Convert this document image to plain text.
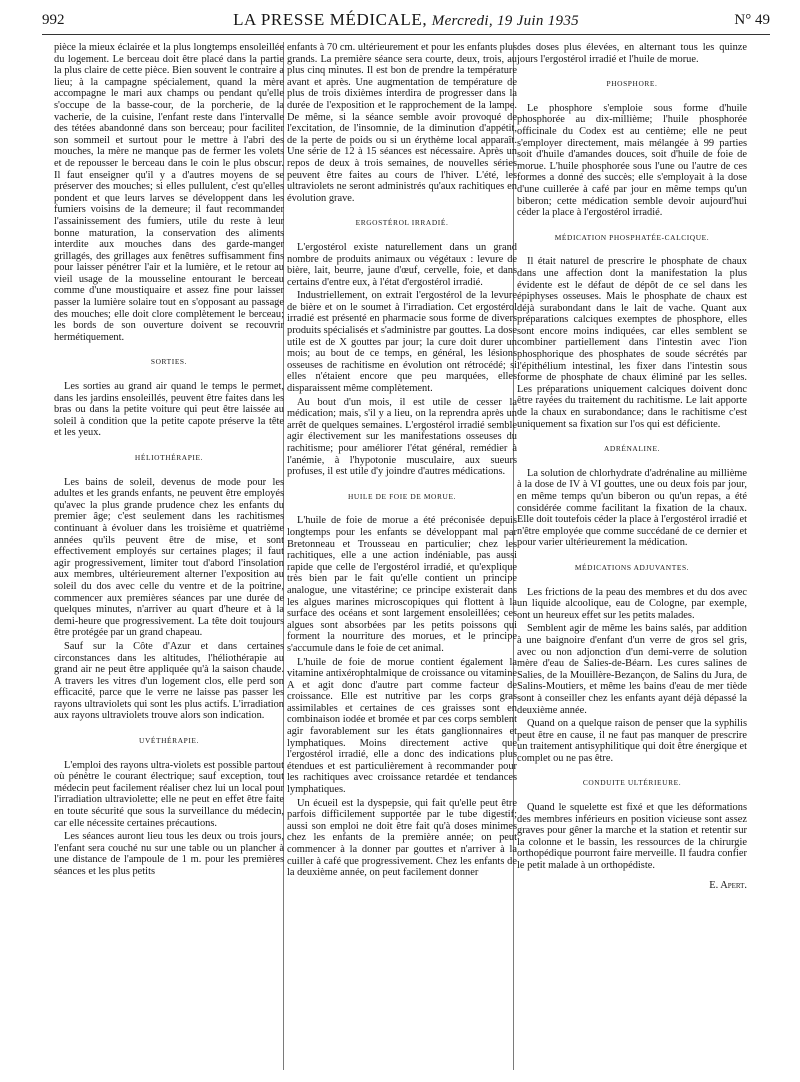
992	LA PRESSE MÉDICALE, Mercredi, 19 Juin 1935	N° 49

pièce la mieux éclairée et la plus longtemps ensoleillée du logement. Le berceau doit être placé dans la partie la plus claire de cette pièce. Bien souvent le contraire a lieu; à la campagne spécialement, quand la mère accompagne le mari aux champs ou pendant qu'elle s'occupe de la basse-cour, de la porcherie, de la vacherie, de la cuisine, l'enfant reste dans l'intervalle des tétées abandonné dans son berceau; pour faciliter son sommeil et surtout pour le mettre à l'abri des mouches, la mère ne manque pas de fermer les volets et de repousser le berceau dans le coin le plus obscur. Il faut enseigner qu'il y a d'autres moyens de se préserver des mouches; si elles pullulent, c'est qu'elles pondent et que leurs larves se développent dans les fumiers voisins de la demeure; il faut recommander l'assainissement des fumiers, utile du reste à leur bonne maturation, la conservation des aliments interdite aux mouches dans des garde-manger grillagés, des grillages aux fenêtres suffisamment fins pour laisser pénétrer l'air et la lumière, et le retour au vieil usage de la mousseline entourant le berceau comme d'une moustiquaire et assez fine pour laisser passer la lumière solaire tout en s'opposant au passage des mouches; elle doit clore complètement le berceau; les bords de son ouverture doivent se recouvrir hermétiquement.

SORTIES.

Les sorties au grand air quand le temps le permet, dans les jardins ensoleillés, peuvent être faites dans les bras ou dans la petite voiture qui peut être laissée au soleil à condition que la petite capote préserve la tête et les yeux.

HÉLIOTHÉRAPIE.

Les bains de soleil, devenus de mode pour les adultes et les grands enfants, ne peuvent être employés qu'avec la plus grande prudence chez les enfants du premier âge; c'est seulement dans les rachitismes continuant à évoluer dans les troisième et quatrième années qu'ils peuvent être de mise, et sont effectivement employés sur certaines plages; il faut agir progressivement, limiter tout d'abord l'insolation aux membres, ultérieurement alterner l'exposition au soleil du dos avec celle du ventre et de la poitrine, commencer aux premières séances par une durée de quelques minutes, n'arriver au quart d'heure et à la demi-heure que progressivement. La tête doit toujours être protégée par un grand chapeau.

Sauf sur la Côte d'Azur et dans certaines circonstances dans les altitudes, l'héliothérapie au grand air ne peut être appliquée qu'à la saison chaude. A travers les vitres d'un logement clos, elle perd son efficacité, parce que le verre ne laisse pas passer les rayons ultraviolets qui sont les plus actifs. L'irradiation aux rayons ultraviolets trouve alors son indication.

UVÉTHÉRAPIE.

L'emploi des rayons ultra-violets est possible partout où pénètre le courant électrique; sauf exception, tout médecin peut facilement réaliser chez lui un local pour l'irradiation ultraviolette; elle ne peut en effet être faite en toute sécurité que sous la surveillance du médecin, car elle nécessite certaines précautions.

Les séances auront lieu tous les deux ou trois jours, l'enfant sera couché nu sur une table ou un plancher à une distance de l'ampoule de 1 m. pour les premières séances et les plus petits

enfants à 70 cm. ultérieurement et pour les enfants plus grands. La première séance sera courte, deux, trois, au plus cinq minutes. Il est bon de prendre la température avant et après. Une augmentation de température de plus de trois dixièmes interdira de progresser dans la durée de l'exposition et le rapprochement de la lampe. De même, si la séance semble avoir provoqué de l'excitation, de l'insomnie, de la diminution d'appétit, de la perte de poids ou si un érythème local apparaît. Une série de 12 à 15 séances est nécessaire. Après un repos de deux à trois semaines, de nouvelles séries peuvent être faites au cours de l'hiver. L'été, les ultraviolets ne seront administrés qu'aux rachitiques en évolution grave.

ERGOSTÉROL IRRADIÉ.

L'ergostérol existe naturellement dans un grand nombre de produits animaux ou végétaux : levure de bière, lait, beurre, jaune d'œuf, cervelle, foie, et dans certains d'entre eux, à l'état d'ergostérol irradié.

Industriellement, on extrait l'ergostérol de la levure de bière et on le soumet à l'irradiation. Cet ergostérol irradié est présenté en pharmacie sous forme de divers produits spécialisés et s'administre par gouttes. La dose utile est de X gouttes par jour; la cure doit durer un mois; au bout de ce temps, en général, les lésions osseuses de rachitisme en évolution ont rétrocédé; si elles n'étaient encore que peu marquées, elles disparaissent même complètement.

Au bout d'un mois, il est utile de cesser la médication; mais, s'il y a lieu, on la reprendra après un arrêt de quelques semaines. L'ergostérol irradié semble agir électivement sur les manifestations osseuses du rachitisme; pour améliorer l'état général, remédier à l'anémie, à l'hypotonie musculaire, aux sueurs profuses, il est utile d'y joindre d'autres médications.

HUILE DE FOIE DE MORUE.

L'huile de foie de morue a été préconisée depuis longtemps pour les enfants se développant mal par Bretonneau et Trousseau en particulier; chez les rachitiques, elle a une action indéniable, pas aussi rapide que celle de l'ergostérol irradié, et qu'explique très bien par le fait qu'elle contient un principe analogue, une vitastérine; ce principe existerait dans les algues marines microscopiques qui flottent à la surface des océans et sont largement ensoleillées; ces algues sont absorbées par les petits poissons qui forment la nourriture des morues, et le principe s'accumule dans le foie de cet animal.

L'huile de foie de morue contient également la vitamine antixérophtalmique de croissance ou vitamine A et agit donc d'autre part comme facteur de croissance. Elle est nutritive par les corps gras assimilables et certaines de ces graisses sont en combinaison iodée et bromée et par ces corps semblent agir favorablement sur les états ganglionnaires et lymphatiques. Moins directement active que l'ergostérol irradié, elle a donc des indications plus étendues et est particulièrement à recommander pour les rachitiques avec croissance retardée et tendances lymphatiques.

Un écueil est la dyspepsie, qui fait qu'elle peut être parfois difficilement supportée par le tube digestif; aussi son emploi ne doit être fait qu'à doses minimes chez les enfants de la première année; on peut commencer à la donner par gouttes et n'arriver à la cuiller à café que progressivement. Chez les enfants de la deuxième année, on peut facilement donner

des doses plus élevées, en alternant tous les quinze jours l'ergostérol irradié et l'huile de morue.

PHOSPHORE.

Le phosphore s'emploie sous forme d'huile phosphorée au dix-millième; l'huile phosphorée officinale du Codex est au centième; elle ne peut s'employer directement, mais mélangée à 99 parties soit d'huile d'amandes douces, soit d'huile de foie de morue. L'huile phosphorée sous l'une ou l'autre de ces formes a donné des succès; elle s'employait à la dose d'une cuillerée à café par jour en même temps qu'un biberon; cette médication semble devoir aujourd'hui céder la place à l'ergostérol irradié.

MÉDICATION PHOSPHATÉE-CALCIQUE.

Il était naturel de prescrire le phosphate de chaux dans une affection dont la manifestation la plus évidente est le défaut de dépôt de ce sel dans les épiphyses osseuses. Mais le phosphate de chaux est déjà surabondant dans le lait de vache. Quant aux préparations calciques exemptes de phosphore, elles sont encore moins indiquées, car elles semblent se combiner partiellement dans l'intestin avec l'ion phosphorique des phosphates de soude sécrétés par l'épithélium intestinal, les fixer dans l'intestin sous forme de phosphate de chaux éliminé par les selles. Les préparations uniquement calciques doivent donc être rayées du traitement du rachitisme. Le lait apporte de la chaux en surabondance; dans le rachitisme c'est uniquement sa fixation sur l'os qui est déficiente.

ADRÉNALINE.

La solution de chlorhydrate d'adrénaline au millième à la dose de IV à VI gouttes, une ou deux fois par jour, en même temps qu'un biberon ou qu'un repas, a été considérée comme facilitant la fixation de la chaux. Elle doit toutefois céder la place à l'ergostérol irradié et n'être employée que comme succédané de ce dernier et pour varier ultérieurement la médication.

MÉDICATIONS ADJUVANTES.

Les frictions de la peau des membres et du dos avec un liquide alcoolique, eau de Cologne, par exemple, ont un heureux effet sur les petits malades.

Semblent agir de même les bains salés, par addition à une baignoire d'enfant d'un verre de gros sel gris, avec ou non adjonction d'un demi-verre de solution mère d'eau de Salies-de-Béarn. Les cures salines de Salies, de la Mouillère-Bezançon, de Salins du Jura, de Salins-Moutiers, et même les bains d'eau de mer tiède sont à conseiller chez les enfants ayant déjà dépassé la deuxième année.

Quand on a quelque raison de penser que la syphilis peut être en cause, il ne faut pas manquer de prescrire un traitement antisyphilitique qui doit être énergique et complet ou ne pas être.

CONDUITE ULTÉRIEURE.

Quand le squelette est fixé et que les déformations des membres inférieurs en position vicieuse sont assez graves pour gêner la marche et la station et retentir sur la colonne et le bassin, les ressources de la chirurgie orthopédique pourront faire merveille. Il faudra confier le petit malade à un orthopédiste.

E. Apert.
